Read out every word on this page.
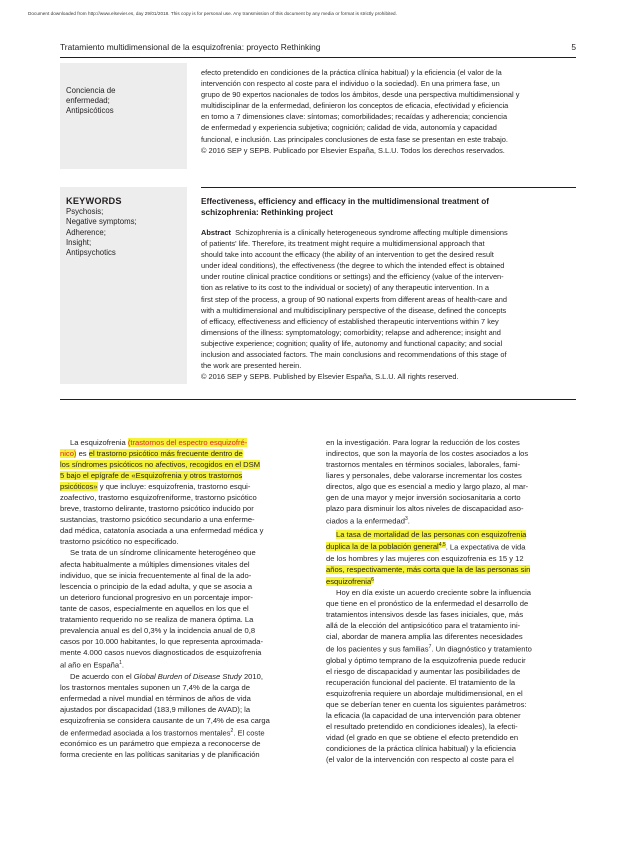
Document downloaded from http://www.elsevier.es, day 29/01/2018. This copy is for personal use. Any transmission of this document by any media or format is strictly prohibited.
Tratamiento multidimensional de la esquizofrenia: proyecto Rethinking	5
Conciencia de
enfermedad;
Antipsicóticos
efecto pretendido en condiciones de la práctica clínica habitual) y la eficiencia (el valor de la
intervención con respecto al coste para el individuo o la sociedad). En una primera fase, un
grupo de 90 expertos nacionales de todos los ámbitos, desde una perspectiva multidimensional y
multidisciplinar de la enfermedad, definieron los conceptos de eficacia, efectividad y eficiencia
en torno a 7 dimensiones clave: síntomas; comorbilidades; recaídas y adherencia; conciencia
de enfermedad y experiencia subjetiva; cognición; calidad de vida, autonomía y capacidad
funcional, e inclusión. Las principales conclusiones de esta fase se presentan en este trabajo.
© 2016 SEP y SEPB. Publicado por Elsevier España, S.L.U. Todos los derechos reservados.
KEYWORDS
Psychosis;
Negative symptoms;
Adherence;
Insight;
Antipsychotics
Effectiveness, efficiency and efficacy in the multidimensional treatment of
schizophrenia: Rethinking project
Abstract Schizophrenia is a clinically heterogeneous syndrome affecting multiple dimensions
of patients' life. Therefore, its treatment might require a multidimensional approach that
should take into account the efficacy (the ability of an intervention to get the desired result
under ideal conditions), the effectiveness (the degree to which the intended effect is obtained
under routine clinical practice conditions or settings) and the efficiency (value of the interven-
tion as relative to its cost to the individual or society) of any therapeutic intervention. In a
first step of the process, a group of 90 national experts from different areas of health-care and
with a multidimensional and multidisciplinary perspective of the disease, defined the concepts
of efficacy, effectiveness and efficiency of established therapeutic interventions within 7 key
dimensions of the illness: symptomatology; comorbidity; relapse and adherence; insight and
subjective experience; cognition; quality of life, autonomy and functional capacity; and social
inclusion and associated factors. The main conclusions and recommendations of this stage of
the work are presented herein.
© 2016 SEP y SEPB. Published by Elsevier España, S.L.U. All rights reserved.
La esquizofrenia (trastornos del espectro esquizofré-
nico) es el trastorno psicótico más frecuente dentro de
los síndromes psicóticos no afectivos, recogidos en el DSM
5 bajo el epígrafe de «Esquizofrenia y otros trastornos
psicóticos» y que incluye: esquizofrenia, trastorno esqui-
zoafectivo, trastorno esquizofreniforme, trastorno psicótico
breve, trastorno delirante, trastorno psicótico inducido por
sustancias, trastorno psicótico secundario a una enferme-
dad médica, catatonía asociada a una enfermedad médica y
trastorno psicótico no especificado.
Se trata de un síndrome clínicamente heterogéneo que
afecta habitualmente a múltiples dimensiones vitales del
individuo, que se inicia frecuentemente al final de la ado-
lescencia o principio de la edad adulta, y que se asocia a
un deterioro funcional progresivo en un porcentaje impor-
tante de casos, especialmente en aquellos en los que el
tratamiento requerido no se realiza de manera óptima. La
prevalencia anual es del 0,3% y la incidencia anual de 0,8
casos por 10.000 habitantes, lo que representa aproximada-
mente 4.000 casos nuevos diagnosticados de esquizofrenia
al año en España$^1$.
De acuerdo con el Global Burden of Disease Study 2010,
los trastornos mentales suponen un 7,4% de la carga de
enfermedad a nivel mundial en términos de años de vida
ajustados por discapacidad (183,9 millones de AVAD); la
esquizofrenia se considera causante de un 7,4% de esa carga
de enfermedad asociada a los trastornos mentales$^2$. El coste
económico es un parámetro que empieza a reconocerse de
forma creciente en las políticas sanitarias y de planificación
en la investigación. Para lograr la reducción de los costes
indirectos, que son la mayoría de los costes asociados a los
trastornos mentales en términos sociales, laborales, fami-
liares y personales, debe valorarse incrementar los costes
directos, algo que es esencial a medio y largo plazo, al mar-
gen de una mayor y mejor inversión sociosanitaria a corto
plazo para disminuir los altos niveles de discapacidad aso-
ciados a la enfermedad$^3$.
La tasa de mortalidad de las personas con esquizofrenia
duplica la de la población general$^{4,5}$. La expectativa de vida
de los hombres y las mujeres con esquizofrenia es 15 y 12
años, respectivamente, más corta que la de las personas sin
esquizofrenia$^6$
Hoy en día existe un acuerdo creciente sobre la influencia
que tiene en el pronóstico de la enfermedad el desarrollo de
tratamientos intensivos desde las fases iniciales, que, más
allá de la elección del antipsicótico para el tratamiento ini-
cial, abordar de manera amplia las diferentes necesidades
de los pacientes y sus familias$^7$. Un diagnóstico y tratamiento
global y óptimo temprano de la esquizofrenia puede reducir
el riesgo de discapacidad y aumentar las posibilidades de
recuperación funcional del paciente. El tratamiento de la
esquizofrenia requiere un abordaje multidimensional, en el
que se deberían tener en cuenta los siguientes parámetros:
la eficacia (la capacidad de una intervención para obtener
el resultado pretendido en condiciones ideales), la efecti-
vidad (el grado en que se obtiene el efecto pretendido en
condiciones de la práctica clínica habitual) y la eficiencia
(el valor de la intervención con respecto al coste para el
